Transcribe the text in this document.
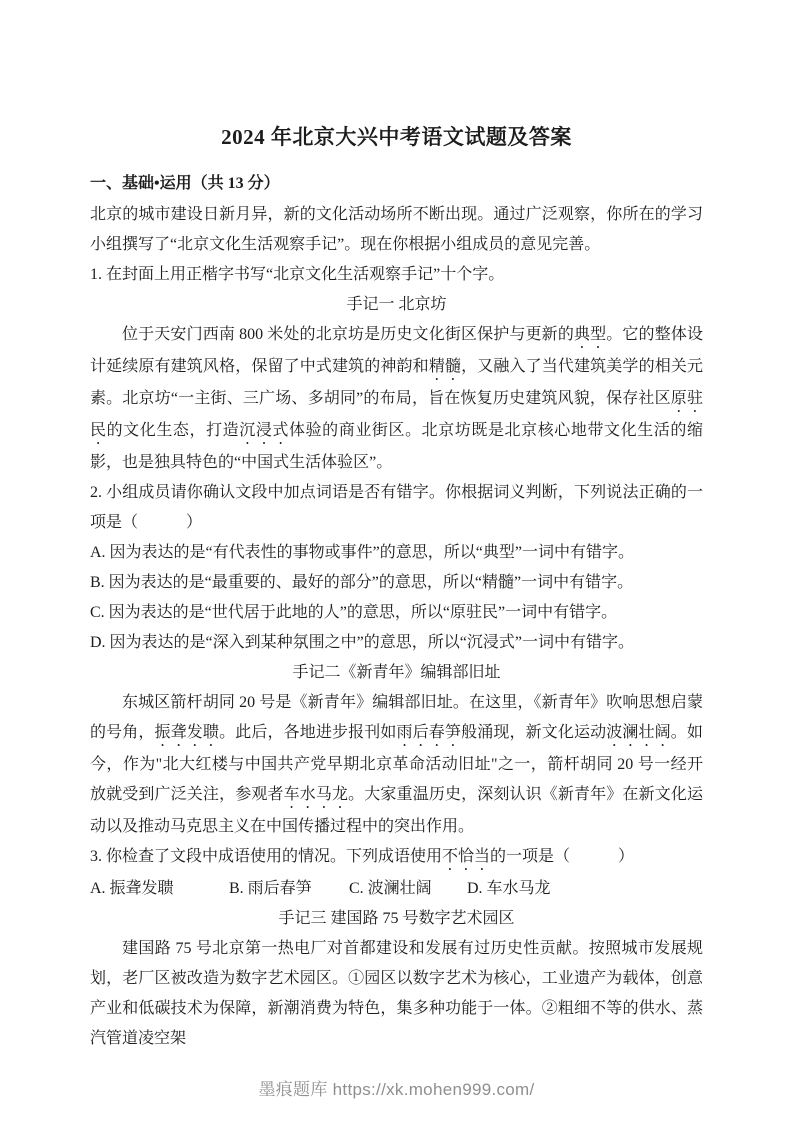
2024 年北京大兴中考语文试题及答案

一、基础•运用（共 13 分）

北京的城市建设日新月异，新的文化活动场所不断出现。通过广泛观察，你所在的学习小组撰写了“北京文化生活观察手记”。现在你根据小组成员的意见完善。

1. 在封面上用正楷字书写“北京文化生活观察手记”十个字。

手记一 北京坊

位于天安门西南 800 米处的北京坊是历史文化街区保护与更新的典型。它的整体设计延续原有建筑风格，保留了中式建筑的神韵和精髓，又融入了当代建筑美学的相关元素。北京坊“一主街、三广场、多胡同”的布局，旨在恢复历史建筑风貌，保存社区原驻民的文化生态，打造沉浸式体验的商业街区。北京坊既是北京核心地带文化生活的缩影，也是独具特色的“中国式生活体验区”。

2. 小组成员请你确认文段中加点词语是否有错字。你根据词义判断，下列说法正确的一项是（　　　）

A. 因为表达的是“有代表性的事物或事件”的意思，所以“典型”一词中有错字。

B. 因为表达的是“最重要的、最好的部分”的意思，所以“精髓”一词中有错字。

C. 因为表达的是“世代居于此地的人”的意思，所以“原驻民”一词中有错字。

D. 因为表达的是“深入到某种氛围之中”的意思，所以“沉浸式”一词中有错字。

手记二《新青年》编辑部旧址

东城区箭杆胡同 20 号是《新青年》编辑部旧址。在这里，《新青年》吹响思想启蒙的号角，振聋发聩。此后，各地进步报刊如雨后春笋般涌现，新文化运动波澜壮阔。如今，作为"北大红楼与中国共产党早期北京革命活动旧址"之一，箭杆胡同 20 号一经开放就受到广泛关注，参观者车水马龙。大家重温历史，深刻认识《新青年》在新文化运动以及推动马克思主义在中国传播过程中的突出作用。

3. 你检查了文段中成语使用的情况。下列成语使用不恰当的一项是（　　　）

A. 振聋发聩	B. 雨后春笋	C. 波澜壮阔	D. 车水马龙

手记三 建国路 75 号数字艺术园区

建国路 75 号北京第一热电厂对首都建设和发展有过历史性贡献。按照城市发展规划，老厂区被改造为数字艺术园区。①园区以数字艺术为核心，工业遗产为载体，创意产业和低碳技术为保障，新潮消费为特色，集多种功能于一体。②粗细不等的供水、蒸汽管道凌空架

墨痕题库 https://xk.mohen999.com/
